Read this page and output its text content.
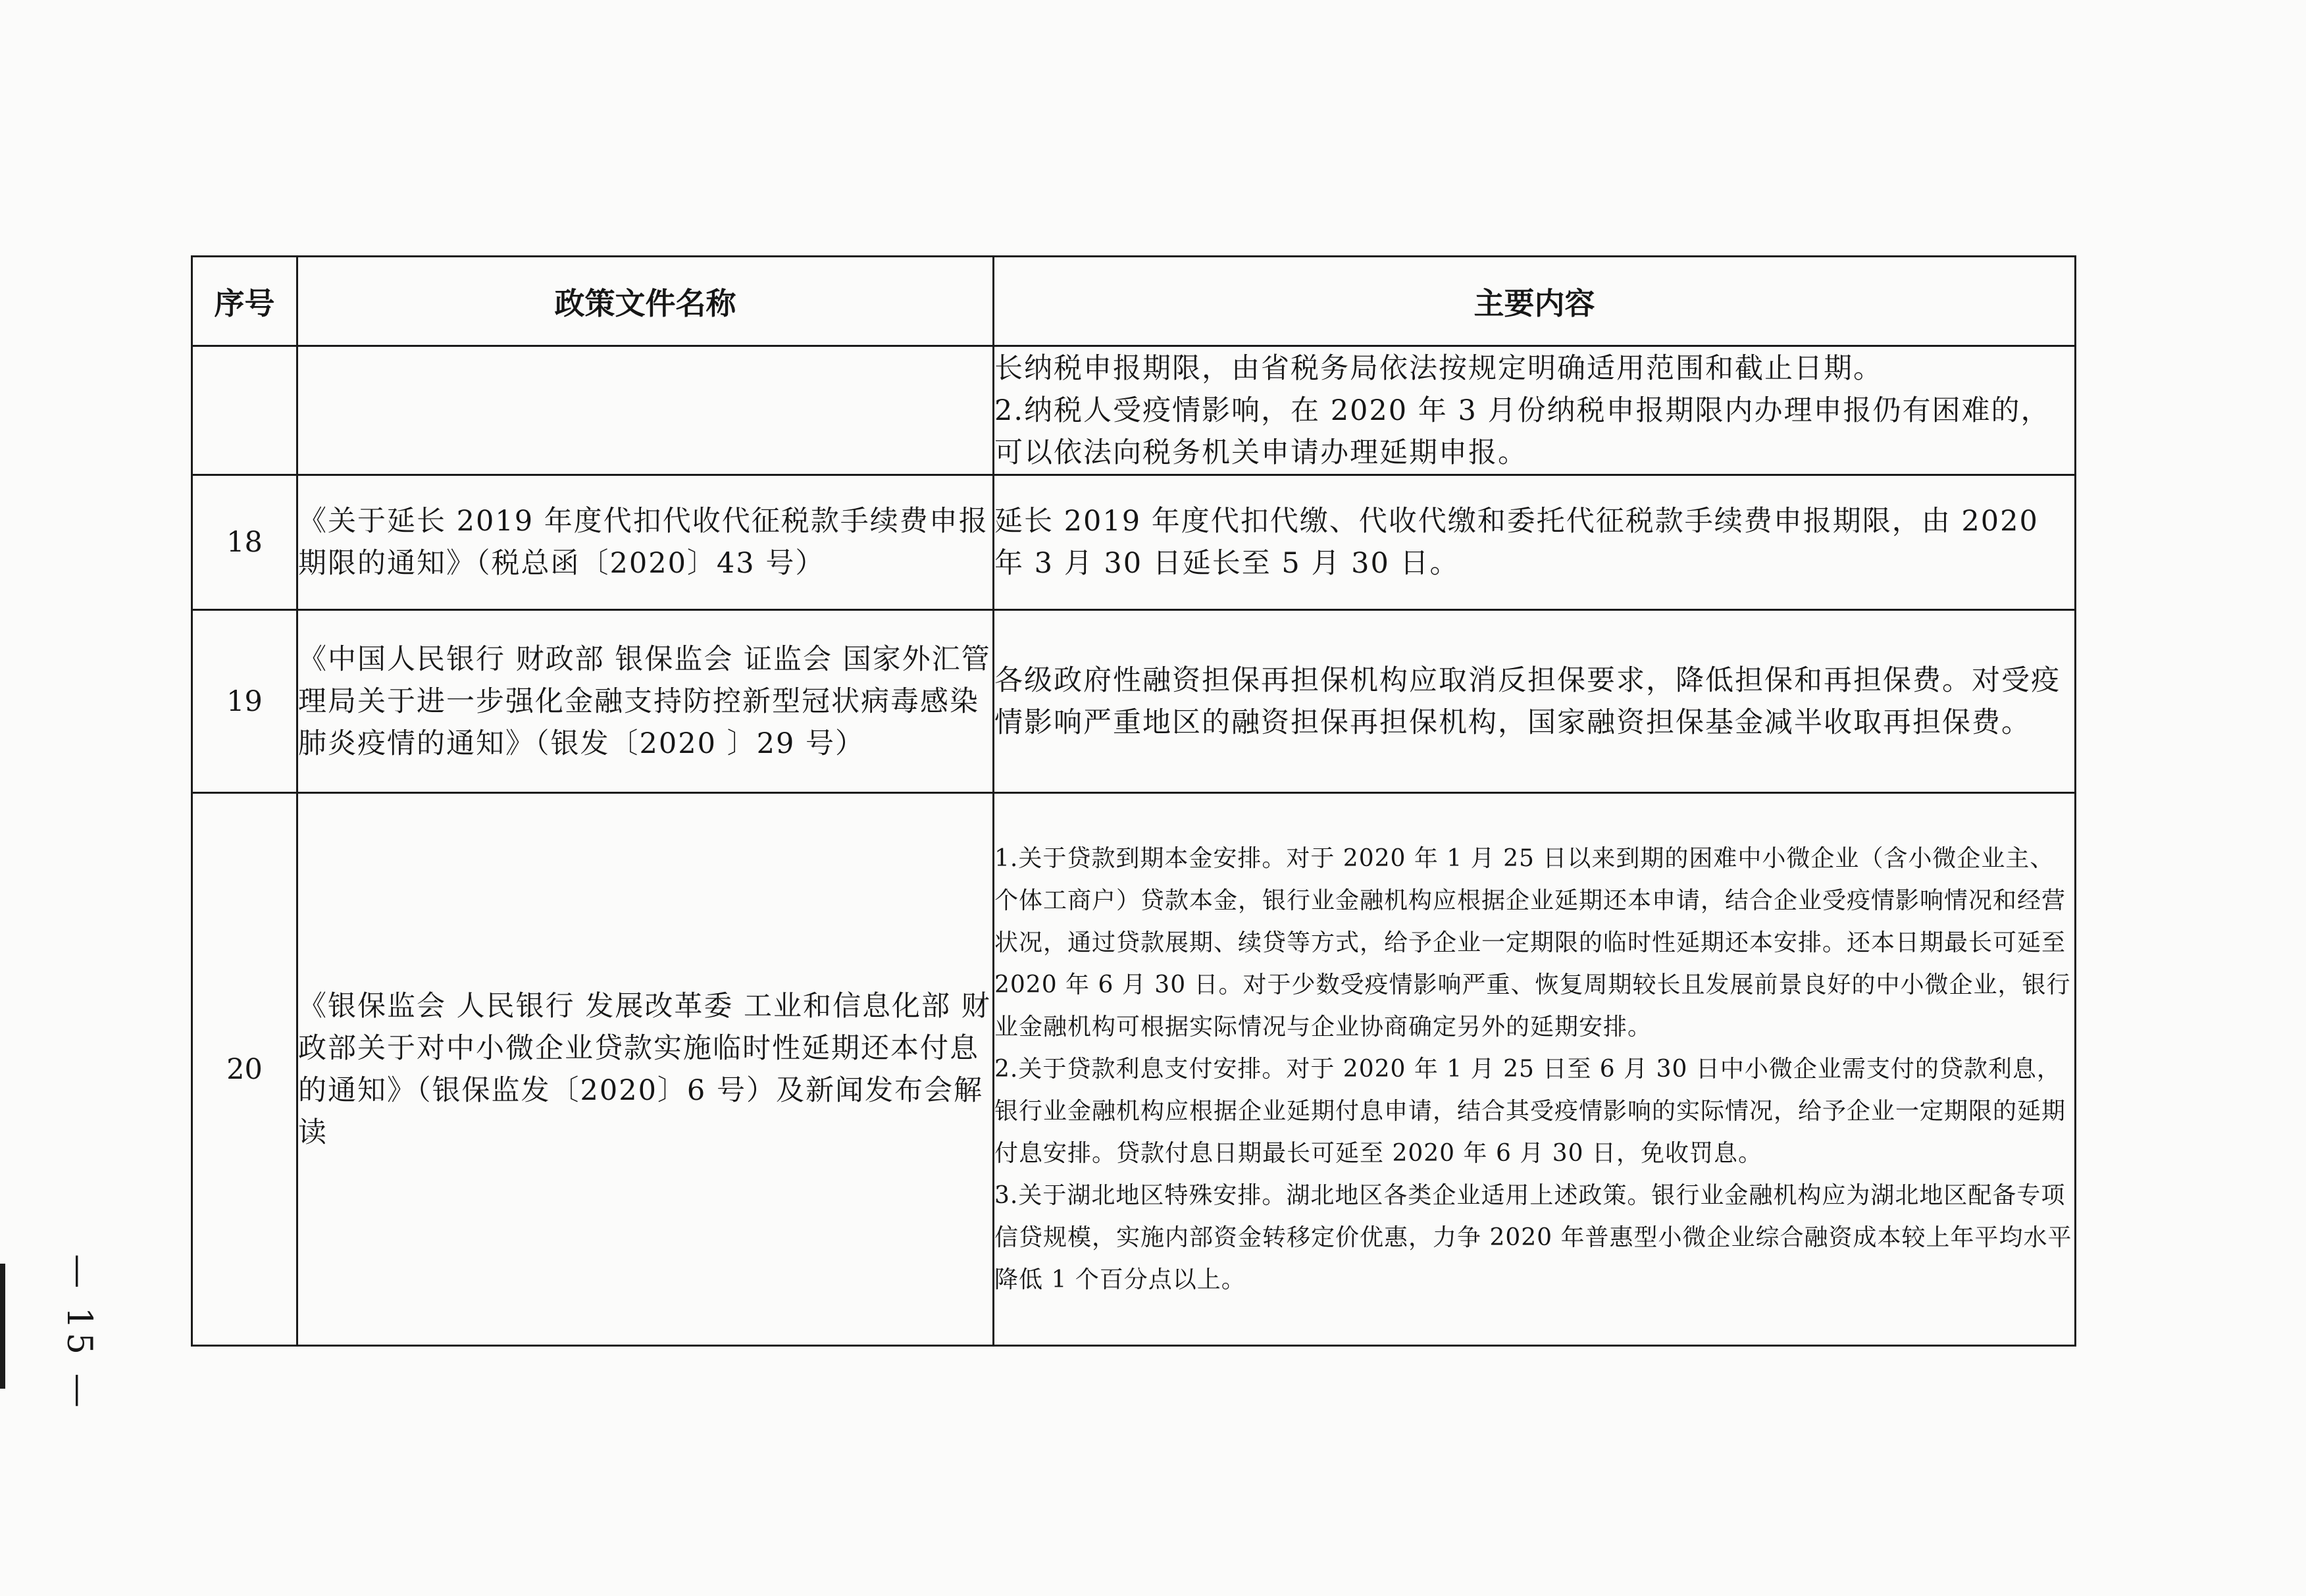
— 15 —
序号	政策文件名称	主要内容

		长纳税申报期限，由省税务局依法按规定明确适用范围和截止日期。
2.纳税人受疫情影响，在 2020 年 3 月份纳税申报期限内办理申报仍有困难的，可以依法向税务机关申请办理延期申报。

18	《关于延长 2019 年度代扣代收代征税款手续费申报期限的通知》（税总函〔2020〕43 号）	延长 2019 年度代扣代缴、代收代缴和委托代征税款手续费申报期限，由 2020 年 3 月 30 日延长至 5 月 30 日。

19	《中国人民银行 财政部 银保监会 证监会 国家外汇管理局关于进一步强化金融支持防控新型冠状病毒感染肺炎疫情的通知》（银发〔2020 〕29 号）	各级政府性融资担保再担保机构应取消反担保要求，降低担保和再担保费。对受疫情影响严重地区的融资担保再担保机构，国家融资担保基金减半收取再担保费。

20	《银保监会 人民银行 发展改革委 工业和信息化部 财政部关于对中小微企业贷款实施临时性延期还本付息的通知》（银保监发〔2020〕6 号）及新闻发布会解读	1.关于贷款到期本金安排。对于 2020 年 1 月 25 日以来到期的困难中小微企业（含小微企业主、个体工商户）贷款本金，银行业金融机构应根据企业延期还本申请，结合企业受疫情影响情况和经营状况，通过贷款展期、续贷等方式，给予企业一定期限的临时性延期还本安排。还本日期最长可延至 2020 年 6 月 30 日。对于少数受疫情影响严重、恢复周期较长且发展前景良好的中小微企业，银行业金融机构可根据实际情况与企业协商确定另外的延期安排。
2.关于贷款利息支付安排。对于 2020 年 1 月 25 日至 6 月 30 日中小微企业需支付的贷款利息，银行业金融机构应根据企业延期付息申请，结合其受疫情影响的实际情况，给予企业一定期限的延期付息安排。贷款付息日期最长可延至 2020 年 6 月 30 日，免收罚息。
3.关于湖北地区特殊安排。湖北地区各类企业适用上述政策。银行业金融机构应为湖北地区配备专项信贷规模，实施内部资金转移定价优惠，力争 2020 年普惠型小微企业综合融资成本较上年平均水平降低 1 个百分点以上。
